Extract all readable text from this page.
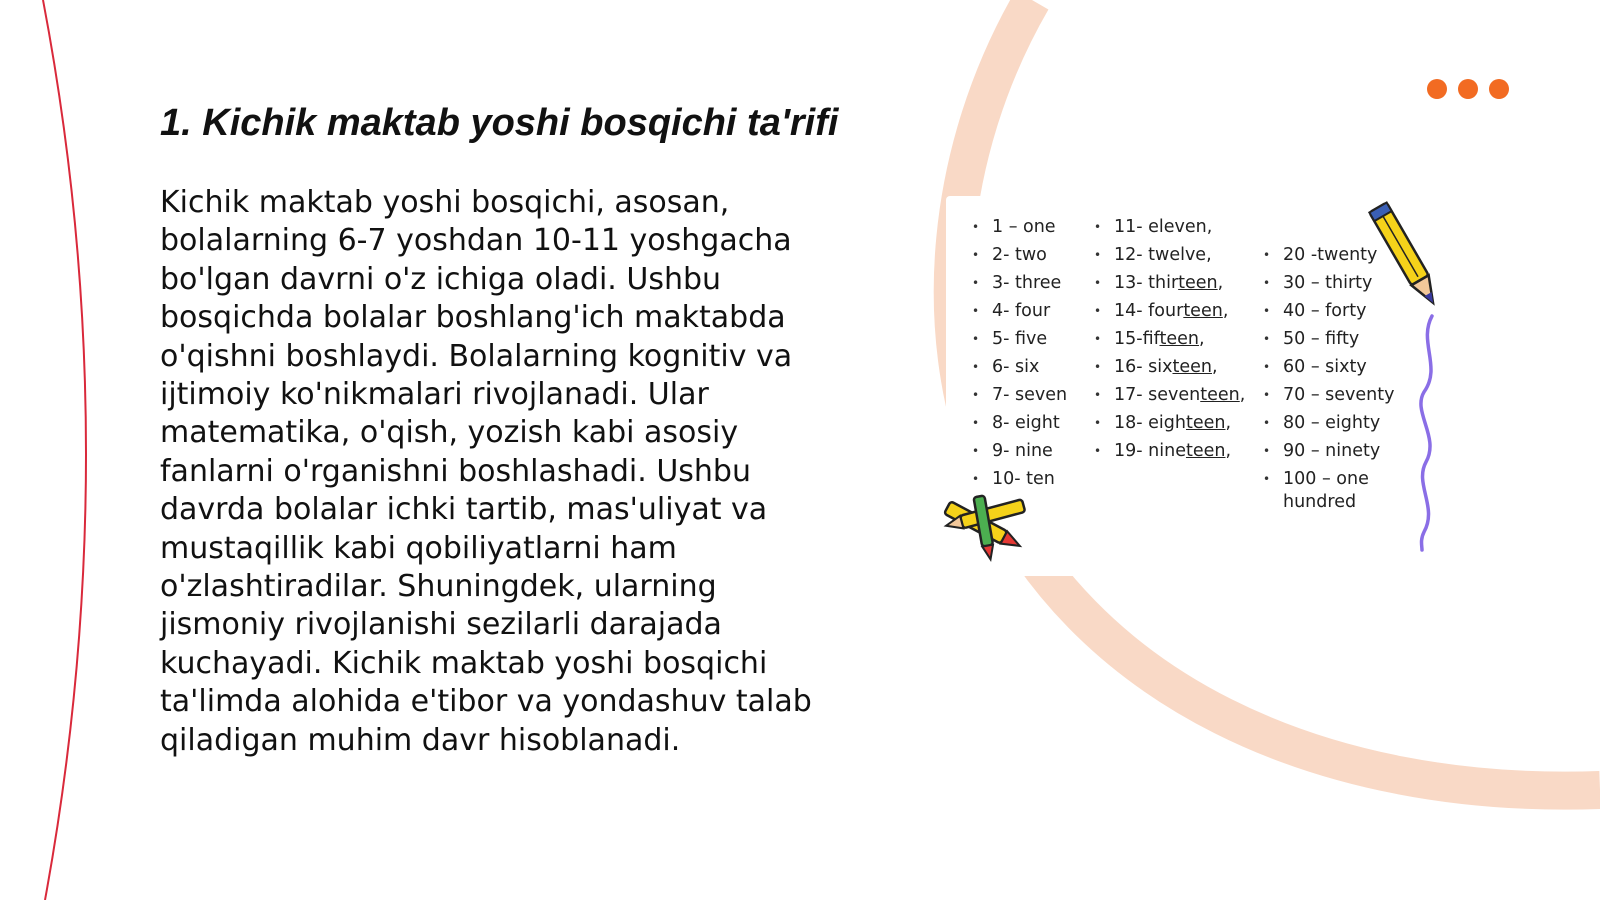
1. Kichik maktab yoshi bosqichi ta'rifi

Kichik maktab yoshi bosqichi, asosan,
bolalarning 6-7 yoshdan 10-11 yoshgacha
bo'lgan davrni o'z ichiga oladi. Ushbu
bosqichda bolalar boshlang'ich maktabda
o'qishni boshlaydi. Bolalarning kognitiv va
ijtimoiy ko'nikmalari rivojlanadi. Ular
matematika, o'qish, yozish kabi asosiy
fanlarni o'rganishni boshlashadi. Ushbu
davrda bolalar ichki tartib, mas'uliyat va
mustaqillik kabi qobiliyatlarni ham
o'zlashtiradilar. Shuningdek, ularning
jismoniy rivojlanishi sezilarli darajada
kuchayadi. Kichik maktab yoshi bosqichi
ta'limda alohida e'tibor va yondashuv talab
qiladigan muhim davr hisoblanadi.

• 1 – one
• 2- two
• 3- three
• 4- four
• 5- five
• 6- six
• 7- seven
• 8- eight
• 9- nine
• 10- ten
• 11- eleven,
• 12- twelve,
• 13- thirteen,
• 14- fourteen,
• 15-fifteen,
• 16- sixteen,
• 17- seventeen,
• 18- eighteen,
• 19- nineteen,
• 20 -twenty
• 30 – thirty
• 40 – forty
• 50 – fifty
• 60 – sixty
• 70 – seventy
• 80 – eighty
• 90 – ninety
• 100 – one
hundred
